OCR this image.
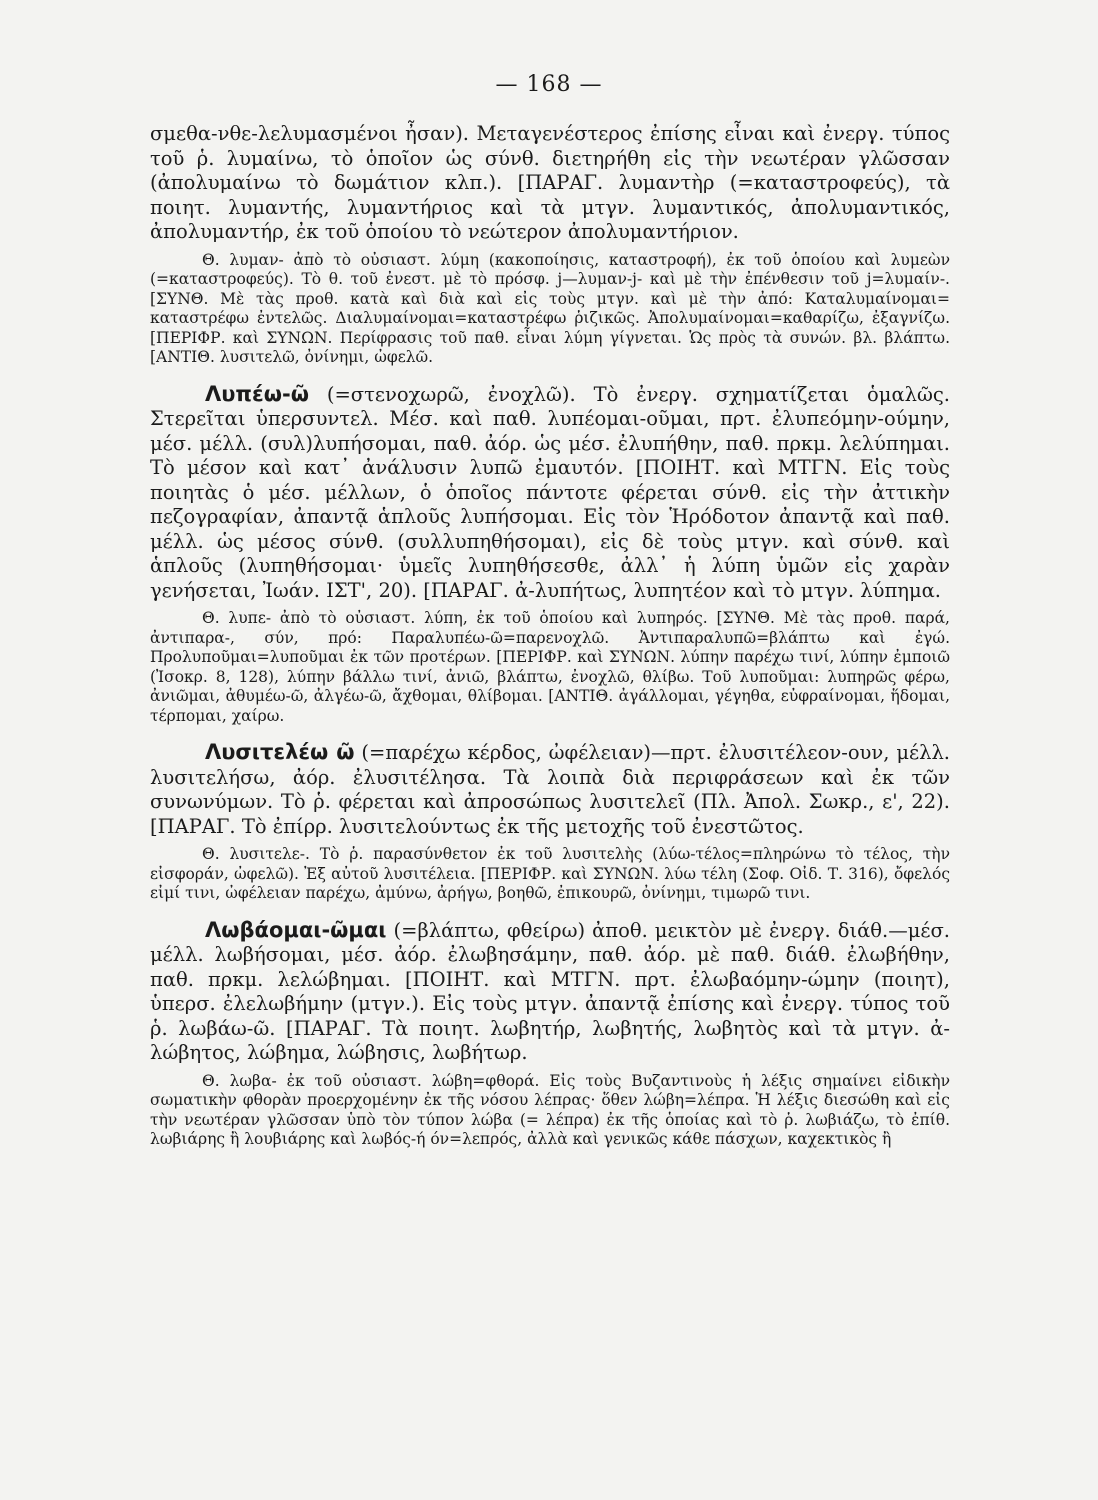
— 168 —

σμεθα-νθε-λελυμασμένοι ἦσαν). Μεταγενέστερος ἐπίσης εἶναι καὶ ἐνεργ. τύπος τοῦ ῥ. λυμαίνω, τὸ ὁποῖον ὡς σύνθ. διετηρήθη εἰς τὴν νεωτέραν γλῶσσαν (ἀπολυμαίνω τὸ δωμάτιον κλπ.). [ΠΑΡΑΓ. λυμαντὴρ (=καταστροφεύς), τὰ ποιητ. λυμαντής, λυμαντήριος καὶ τὰ μτγν. λυμαντικός, ἀπολυμαντικός, ἀπολυμαντήρ, ἐκ τοῦ ὁποίου τὸ νεώτερον ἀπολυμαντήριον.

Θ. λυμαν- ἀπὸ τὸ οὐσιαστ. λύμη (κακοποίησις, καταστροφή), ἐκ τοῦ ὁποίου καὶ λυμεὼν (=καταστροφεύς). Τὸ θ. τοῦ ἐνεστ. μὲ τὸ πρόσφ. j—λυμαν-j- καὶ μὲ τὴν ἐπένθεσιν τοῦ j=λυμαίν-. [ΣΥΝΘ. Μὲ τὰς προθ. κατὰ καὶ διὰ καὶ εἰς τοὺς μτγν. καὶ μὲ τὴν ἀπό: Καταλυμαίνομαι= καταστρέφω ἐντελῶς. Διαλυμαίνομαι=καταστρέφω ῥιζικῶς. Ἀπολυμαίνομαι=καθαρίζω, ἐξαγνίζω. [ΠΕΡΙΦΡ. καὶ ΣΥΝΩΝ. Περίφρασις τοῦ παθ. εἶναι λύμη γίγνεται. Ὡς πρὸς τὰ συνών. βλ. βλάπτω. [ΑΝΤΙΘ. λυσιτελῶ, ὀνίνημι, ὠφελῶ.

Λυπέω-ῶ (=στενοχωρῶ, ἐνοχλῶ). Τὸ ἐνεργ. σχηματίζεται ὁμαλῶς. Στερεῖται ὑπερσυντελ. Μέσ. καὶ παθ. λυπέομαι-οῦμαι, πρτ. ἐλυπεόμην-ούμην, μέσ. μέλλ. (συλ)λυπήσομαι, παθ. ἀόρ. ὡς μέσ. ἐλυπήθην, παθ. πρκμ. λελύπημαι. Τὸ μέσον καὶ κατ᾽ ἀνάλυσιν λυπῶ ἐμαυτόν. [ΠΟΙΗΤ. καὶ ΜΤΓΝ. Εἰς τοὺς ποιητὰς ὁ μέσ. μέλλων, ὁ ὁποῖος πάντοτε φέρεται σύνθ. εἰς τὴν ἀττικὴν πεζογραφίαν, ἀπαντᾷ ἁπλοῦς λυπήσομαι. Εἰς τὸν Ἡρόδοτον ἀπαντᾷ καὶ παθ. μέλλ. ὡς μέσος σύνθ. (συλλυπηθήσομαι), εἰς δὲ τοὺς μτγν. καὶ σύνθ. καὶ ἁπλοῦς (λυπηθήσομαι· ὑμεῖς λυπηθήσεσθε, ἀλλ᾽ ἡ λύπη ὑμῶν εἰς χαρὰν γενήσεται, Ἰωάν. ΙΣΤ', 20). [ΠΑΡΑΓ. ἀ-λυπήτως, λυπητέον καὶ τὸ μτγν. λύπημα.

Θ. λυπε- ἀπὸ τὸ οὐσιαστ. λύπη, ἐκ τοῦ ὁποίου καὶ λυπηρός. [ΣΥΝΘ. Μὲ τὰς προθ. παρά, ἀντιπαρα-, σύν, πρό: Παραλυπέω-ῶ=παρενοχλῶ. Ἀντιπαραλυπῶ=βλάπτω καὶ ἐγώ. Προλυποῦμαι=λυποῦμαι ἐκ τῶν προτέρων. [ΠΕΡΙΦΡ. καὶ ΣΥΝΩΝ. λύπην παρέχω τινί, λύπην ἐμποιῶ (Ἰσοκρ. 8, 128), λύπην βάλλω τινί, ἀνιῶ, βλάπτω, ἐνοχλῶ, θλίβω. Τοῦ λυποῦμαι: λυπηρῶς φέρω, ἀνιῶμαι, ἀθυμέω-ῶ, ἀλγέω-ῶ, ἄχθομαι, θλίβομαι. [ΑΝΤΙΘ. ἀγάλλομαι, γέγηθα, εὐφραίνομαι, ἥδομαι, τέρπομαι, χαίρω.

Λυσιτελέω ῶ (=παρέχω κέρδος, ὠφέλειαν)—πρτ. ἐλυσιτέλεον-ουν, μέλλ. λυσιτελήσω, ἀόρ. ἐλυσιτέλησα. Τὰ λοιπὰ διὰ περιφράσεων καὶ ἐκ τῶν συνωνύμων. Τὸ ῥ. φέρεται καὶ ἀπροσώπως λυσιτελεῖ (Πλ. Ἀπολ. Σωκρ., ε', 22). [ΠΑΡΑΓ. Τὸ ἐπίρρ. λυσιτελούντως ἐκ τῆς μετοχῆς τοῦ ἐνεστῶτος.

Θ. λυσιτελε-. Τὸ ῥ. παρασύνθετον ἐκ τοῦ λυσιτελὴς (λύω-τέλος=πληρώνω τὸ τέλος, τὴν εἰσφοράν, ὠφελῶ). Ἐξ αὐτοῦ λυσιτέλεια. [ΠΕΡΙΦΡ. καὶ ΣΥΝΩΝ. λύω τέλη (Σοφ. Οἰδ. Τ. 316), ὄφελός εἰμί τινι, ὠφέλειαν παρέχω, ἀμύνω, ἀρήγω, βοηθῶ, ἐπικουρῶ, ὀνίνημι, τιμωρῶ τινι.

Λωβάομαι-ῶμαι (=βλάπτω, φθείρω) ἀποθ. μεικτὸν μὲ ἐνεργ. διάθ.—μέσ. μέλλ. λωβήσομαι, μέσ. ἀόρ. ἐλωβησάμην, παθ. ἀόρ. μὲ παθ. διάθ. ἐλωβήθην, παθ. πρκμ. λελώβημαι. [ΠΟΙΗΤ. καὶ ΜΤΓΝ. πρτ. ἐλωβαόμην-ώμην (ποιητ), ὑπερσ. ἐλελωβήμην (μτγν.). Εἰς τοὺς μτγν. ἀπαντᾷ ἐπίσης καὶ ἐνεργ. τύπος τοῦ ῥ. λωβάω-ῶ. [ΠΑΡΑΓ. Τὰ ποιητ. λωβητήρ, λωβητής, λωβητὸς καὶ τὰ μτγν. ἀ-λώβητος, λώβημα, λώβησις, λωβήτωρ.

Θ. λωβα- ἐκ τοῦ οὐσιαστ. λώβη=φθορά. Εἰς τοὺς Βυζαντινοὺς ἡ λέξις σημαίνει εἰδικὴν σωματικὴν φθορὰν προερχομένην ἐκ τῆς νόσου λέπρας· ὅθεν λώβη=λέπρα. Ἡ λέξις διεσώθη καὶ εἰς τὴν νεωτέραν γλῶσσαν ὑπὸ τὸν τύπον λώβα (= λέπρα) ἐκ τῆς ὁποίας καὶ τὸ ῥ. λωβιάζω, τὸ ἐπίθ. λωβιάρης ἢ λουβιάρης καὶ λωβός-ή όν=λεπρός, ἀλλὰ καὶ γενικῶς κάθε πάσχων, καχεκτικὸς ἢ
